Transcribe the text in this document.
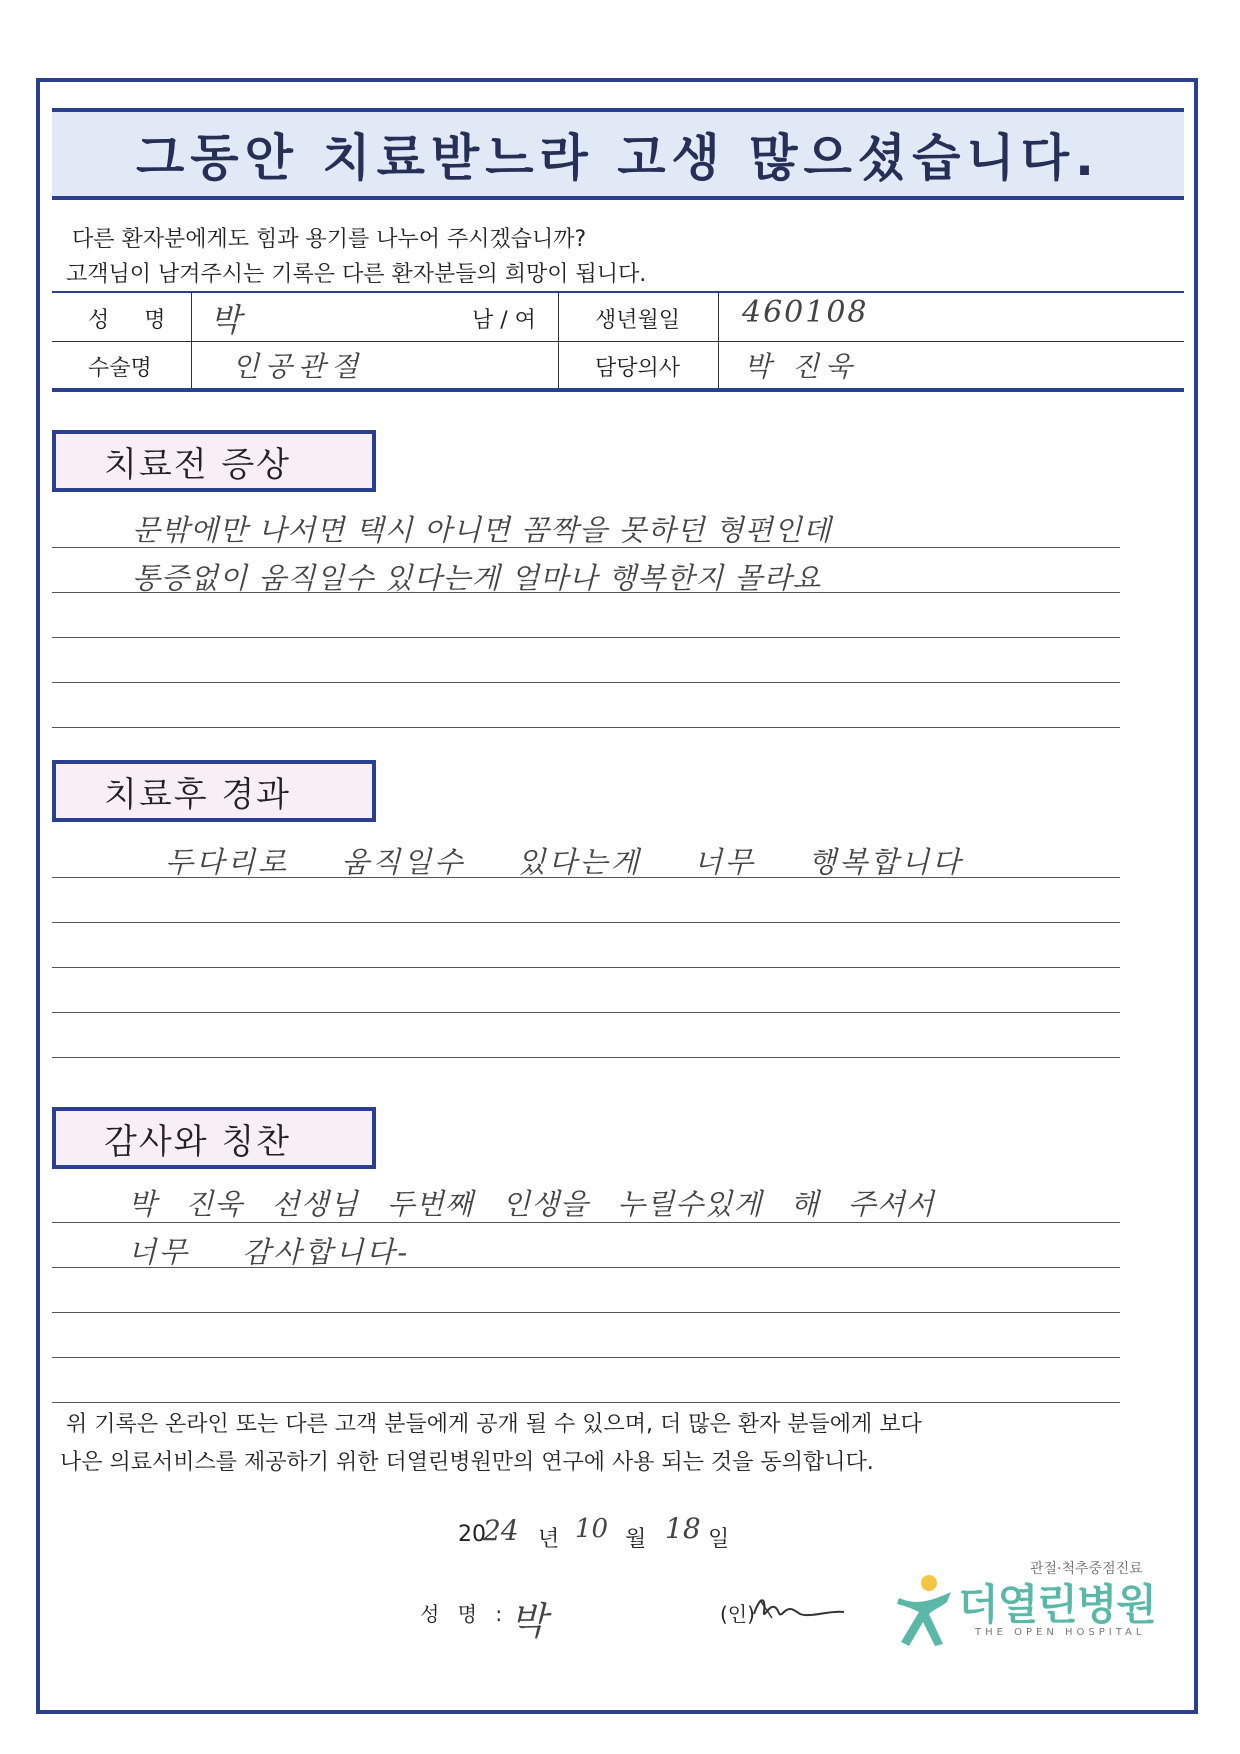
그동안 치료받느라 고생 많으셨습니다.
다른 환자분에게도 힘과 용기를 나누어 주시겠습니까?
고객님이 남겨주시는 기록은 다른 환자분들의 희망이 됩니다.
성 명 박	남 / 여	생년월일 460108
수술명	인공관절	담당의사 박 진욱
치료전 증상
문밖에만 나서면 택시 아니면 꼼짝을 못하던 형편인데
통증없이 움직일수 있다는게 얼마나 행복한지 몰라요
치료후 경과
두다리로 움직일수 있다는게 너무 행복합니다
감사와 칭찬
박 진욱 선생님 두번째 인생을 누릴수있게 해 주셔서
너무 감사합니다-
위 기록은 온라인 또는 다른 고객 분들에게 공개 될 수 있으며, 더 많은 환자 분들에게 보다
나은 의료서비스를 제공하기 위한 더열린병원만의 연구에 사용 되는 것을 동의합니다.
20
24 년 10 월 18 일
성 명 : 박	(인)
관절·척추중점진료
더열린병원
THE OPEN HOSPITAL
